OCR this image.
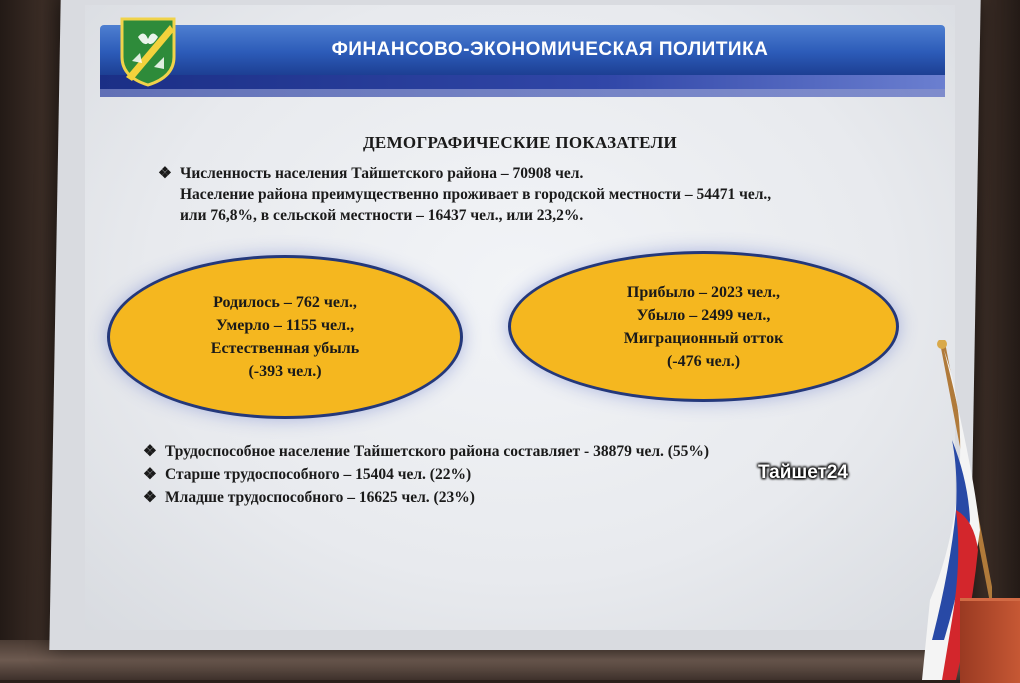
ФИНАНСОВО-ЭКОНОМИЧЕСКАЯ ПОЛИТИКА
ДЕМОГРАФИЧЕСКИЕ ПОКАЗАТЕЛИ
❖ Численность населения Тайшетского района – 70908 чел.
Население района преимущественно проживает в городской местности – 54471 чел.,
или 76,8%, в сельской местности – 16437 чел., или 23,2%.
Родилось – 762 чел.,
Умерло – 1155 чел.,
Естественная убыль
(-393 чел.)
Прибыло – 2023 чел.,
Убыло – 2499 чел.,
Миграционный отток
(-476 чел.)
❖ Трудоспособное население Тайшетского района составляет - 38879 чел. (55%)
❖ Старше трудоспособного – 15404 чел. (22%)
❖ Младше трудоспособного – 16625 чел. (23%)
Тайшет24
